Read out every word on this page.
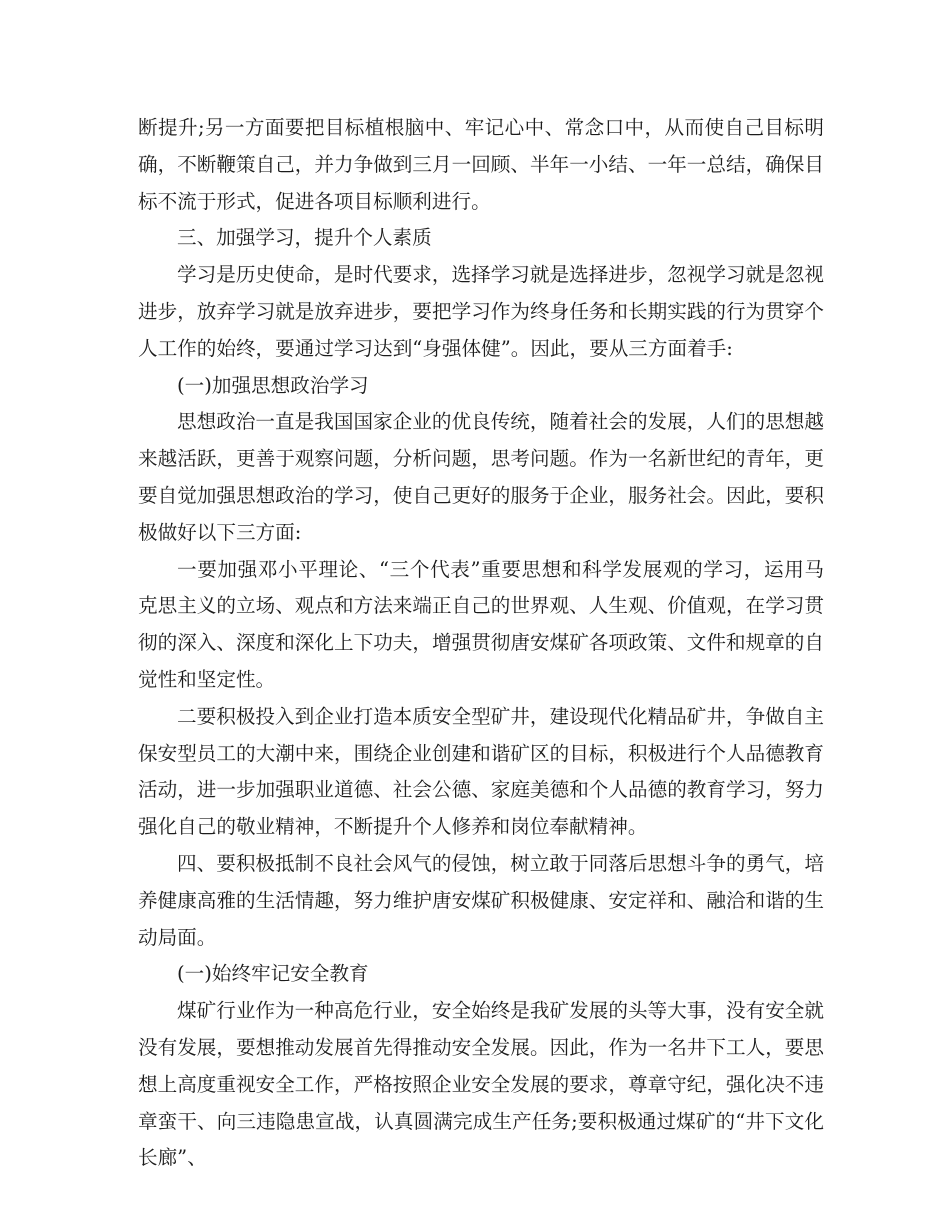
断提升;另一方面要把目标植根脑中、牢记心中、常念口中，从而使自己目标明确，不断鞭策自己，并力争做到三月一回顾、半年一小结、一年一总结，确保目标不流于形式，促进各项目标顺利进行。

三、加强学习，提升个人素质

学习是历史使命，是时代要求，选择学习就是选择进步，忽视学习就是忽视进步，放弃学习就是放弃进步，要把学习作为终身任务和长期实践的行为贯穿个人工作的始终，要通过学习达到“身强体健”。因此，要从三方面着手:

(一)加强思想政治学习

思想政治一直是我国国家企业的优良传统，随着社会的发展，人们的思想越来越活跃，更善于观察问题，分析问题，思考问题。作为一名新世纪的青年，更要自觉加强思想政治的学习，使自己更好的服务于企业，服务社会。因此，要积极做好以下三方面:

一要加强邓小平理论、“三个代表”重要思想和科学发展观的学习，运用马克思主义的立场、观点和方法来端正自己的世界观、人生观、价值观，在学习贯彻的深入、深度和深化上下功夫，增强贯彻唐安煤矿各项政策、文件和规章的自觉性和坚定性。

二要积极投入到企业打造本质安全型矿井，建设现代化精品矿井，争做自主保安型员工的大潮中来，围绕企业创建和谐矿区的目标，积极进行个人品德教育活动，进一步加强职业道德、社会公德、家庭美德和个人品德的教育学习，努力强化自己的敬业精神，不断提升个人修养和岗位奉献精神。

四、要积极抵制不良社会风气的侵蚀，树立敢于同落后思想斗争的勇气，培养健康高雅的生活情趣，努力维护唐安煤矿积极健康、安定祥和、融洽和谐的生动局面。

(一)始终牢记安全教育

煤矿行业作为一种高危行业，安全始终是我矿发展的头等大事，没有安全就没有发展，要想推动发展首先得推动安全发展。因此，作为一名井下工人，要思想上高度重视安全工作，严格按照企业安全发展的要求，尊章守纪，强化决不违章蛮干、向三违隐患宣战，认真圆满完成生产任务;要积极通过煤矿的“井下文化长廊”、
